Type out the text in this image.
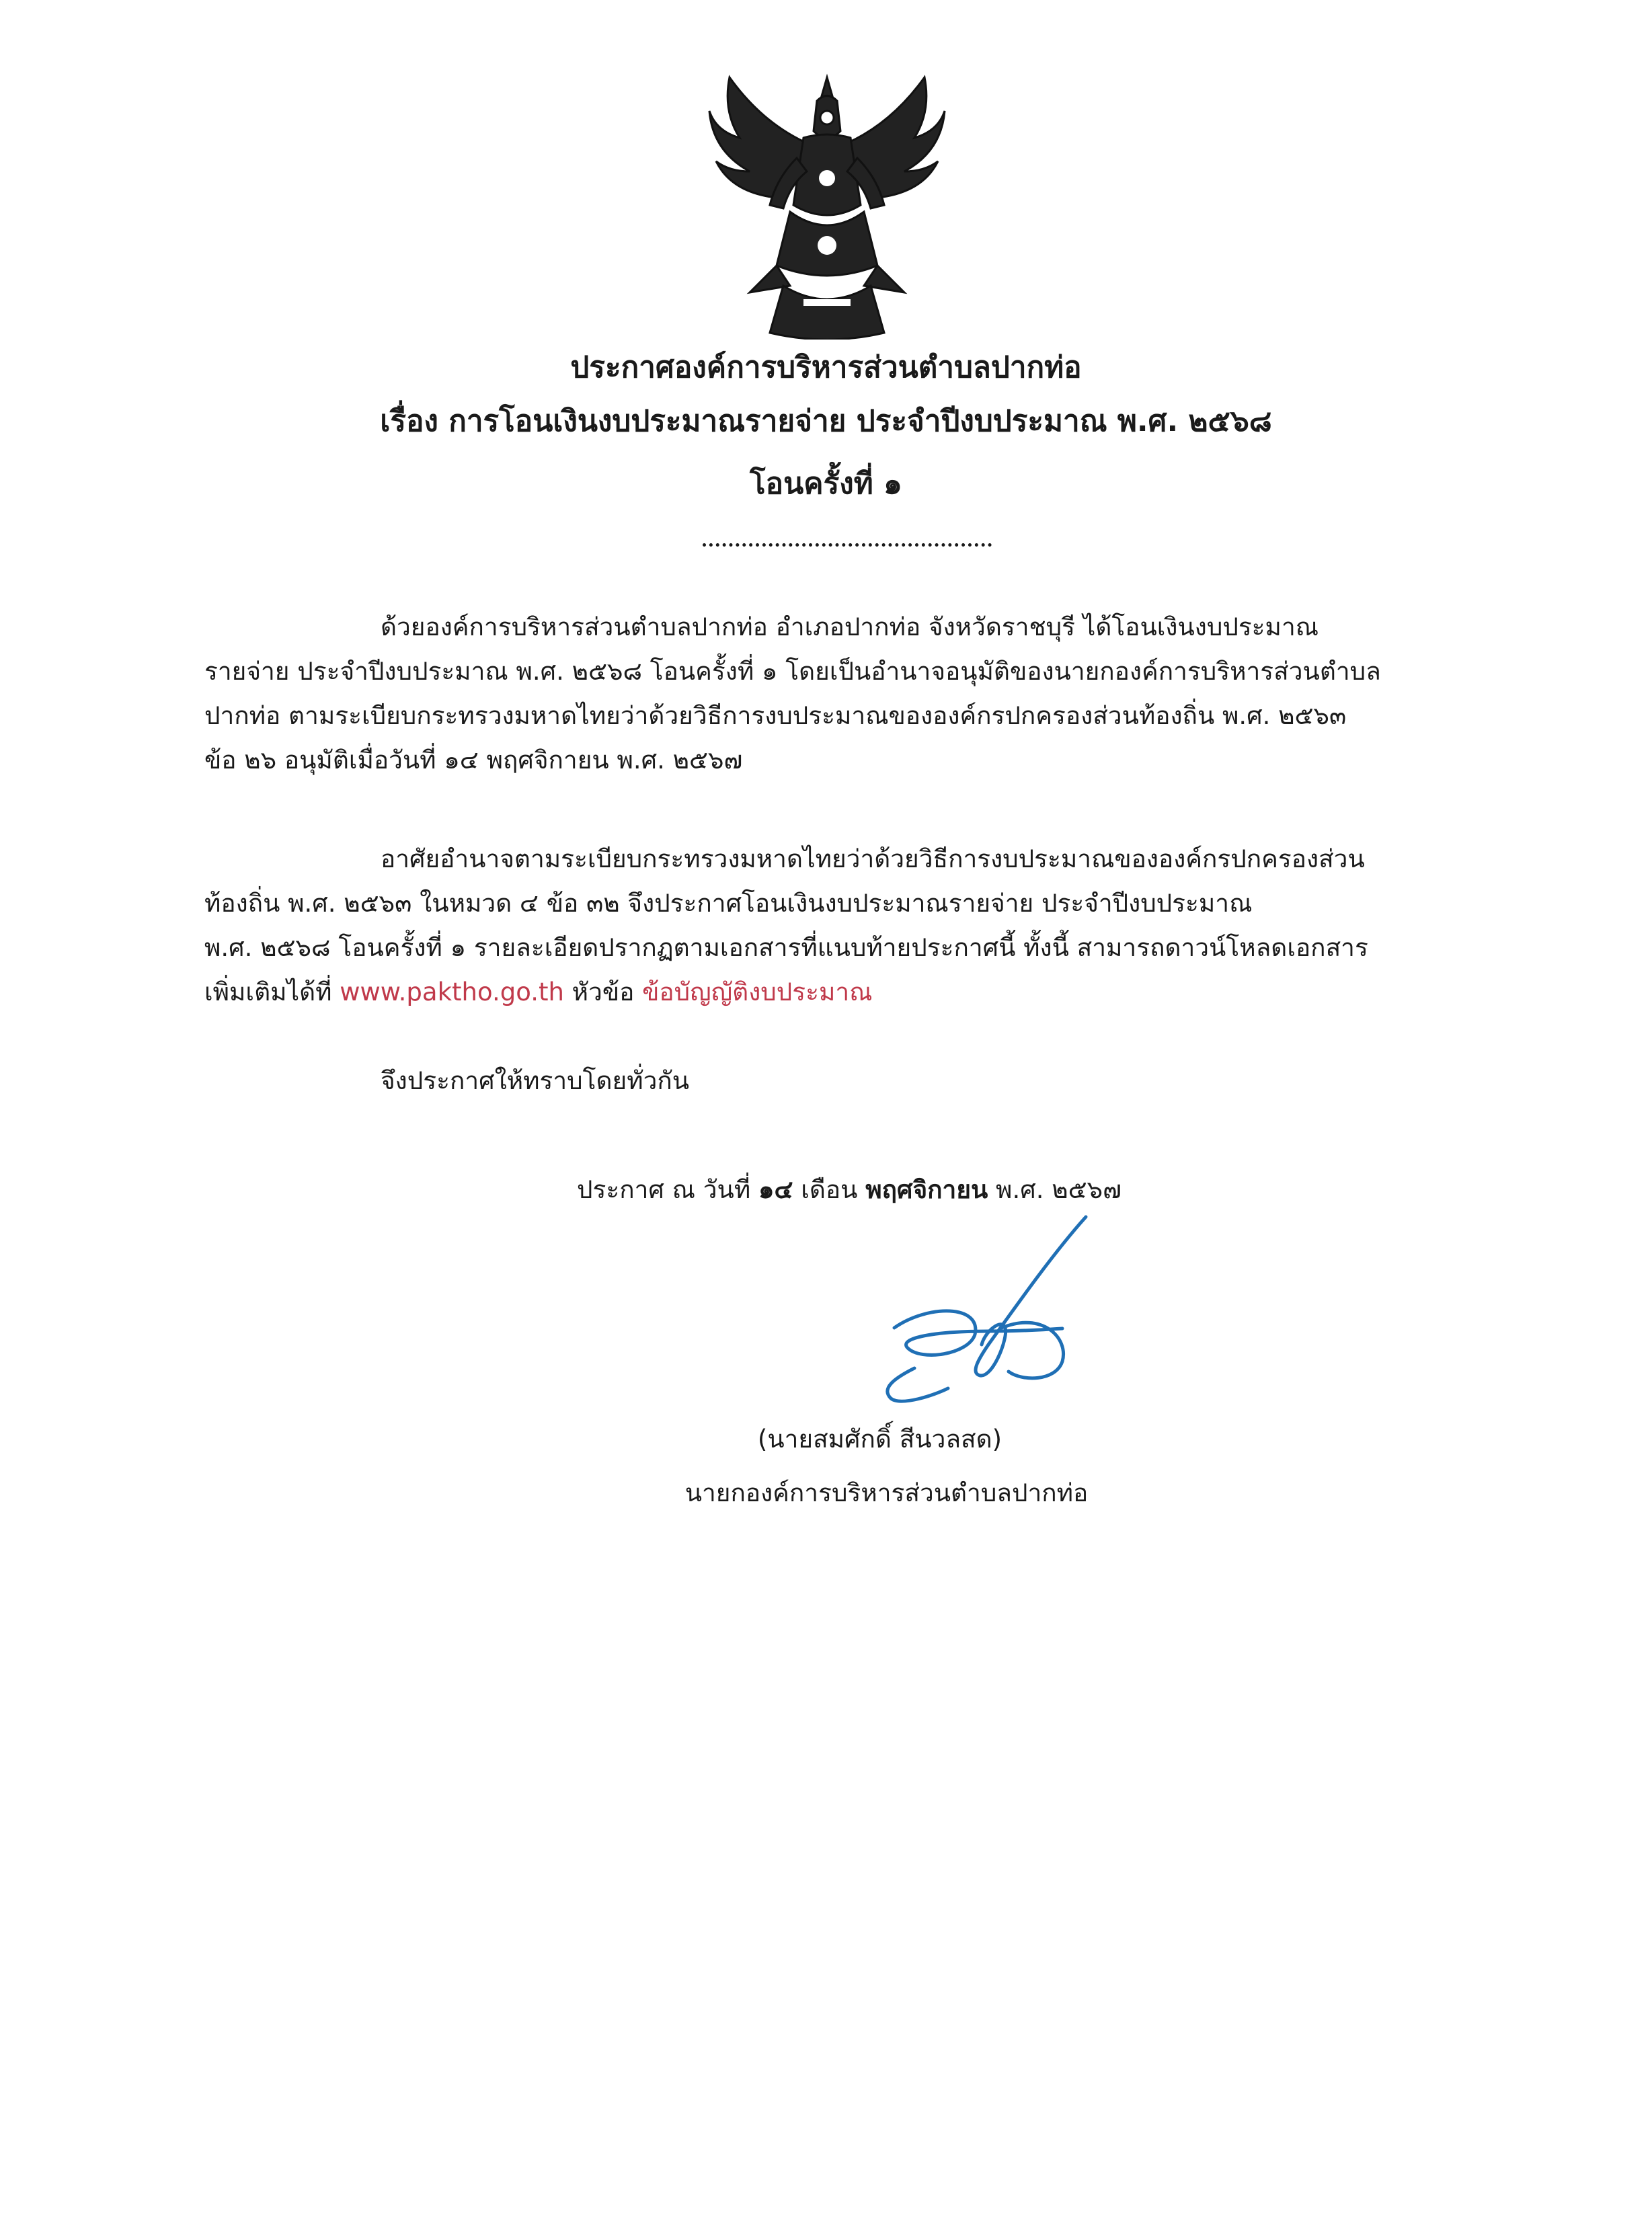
ประกาศองค์การบริหารส่วนตำบลปากท่อ
เรื่อง การโอนเงินงบประมาณรายจ่าย ประจำปีงบประมาณ พ.ศ. ๒๕๖๘
โอนครั้งที่ ๑
ด้วยองค์การบริหารส่วนตำบลปากท่อ อำเภอปากท่อ จังหวัดราชบุรี ได้โอนเงินงบประมาณ
รายจ่าย ประจำปีงบประมาณ พ.ศ. ๒๕๖๘ โอนครั้งที่ ๑ โดยเป็นอำนาจอนุมัติของนายกองค์การบริหารส่วนตำบล
ปากท่อ ตามระเบียบกระทรวงมหาดไทยว่าด้วยวิธีการงบประมาณขององค์กรปกครองส่วนท้องถิ่น พ.ศ. ๒๕๖๓
ข้อ ๒๖ อนุมัติเมื่อวันที่ ๑๔ พฤศจิกายน พ.ศ. ๒๕๖๗
อาศัยอำนาจตามระเบียบกระทรวงมหาดไทยว่าด้วยวิธีการงบประมาณขององค์กรปกครองส่วน
ท้องถิ่น พ.ศ. ๒๕๖๓ ในหมวด ๔ ข้อ ๓๒ จึงประกาศโอนเงินงบประมาณรายจ่าย ประจำปีงบประมาณ
พ.ศ. ๒๕๖๘ โอนครั้งที่ ๑ รายละเอียดปรากฏตามเอกสารที่แนบท้ายประกาศนี้ ทั้งนี้ สามารถดาวน์โหลดเอกสาร
เพิ่มเติมได้ที่ www.paktho.go.th หัวข้อ ข้อบัญญัติงบประมาณ
จึงประกาศให้ทราบโดยทั่วกัน
ประกาศ ณ วันที่ ๑๔ เดือน พฤศจิกายน พ.ศ. ๒๕๖๗
(นายสมศักดิ์ สีนวลสด)
นายกองค์การบริหารส่วนตำบลปากท่อ
